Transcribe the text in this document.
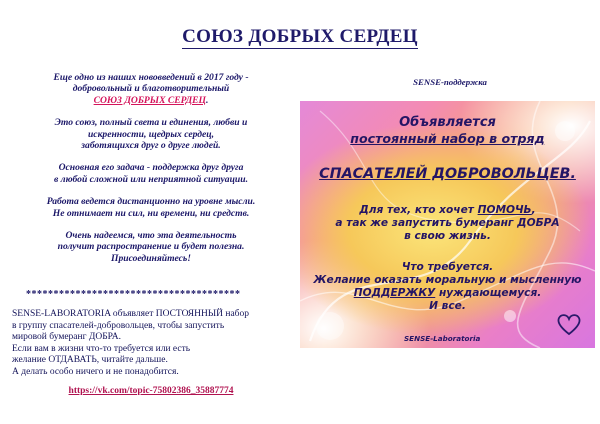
СОЮЗ ДОБРЫХ СЕРДЕЦ

Еще одно из наших нововведений в 2017 году -
добровольный и благотворительный
СОЮЗ ДОБРЫХ СЕРДЕЦ.

Это союз, полный света и единения, любви и
искренности, щедрых сердец,
заботящихся друг о друге людей.

Основная его задача - поддержка друг друга
в любой сложной или неприятной ситуации.

Работа ведется дистанционно на уровне мысли.
Не отнимает ни сил, ни времени, ни средств.

Очень надеемся, что эта деятельность
получит распространение и будет полезна.
Присоединяйтесь!

***************************************
SENSE-LABORATORIA объявляет ПОСТОЯННЫЙ набор
в группу спасателей-добровольцев, чтобы запустить
мировой бумеранг ДОБРА.
Если вам в жизни что-то требуется или есть
желание ОТДАВАТЬ, читайте дальше.
А делать особо ничего и не понадобится.
https://vk.com/topic-75802386_35887774
SENSE-поддержка
Объявляется
постоянный набор в отряд
СПАСАТЕЛЕЙ ДОБРОВОЛЬЦЕВ.
Для тех, кто хочет ПОМОЧЬ,
а так же запустить бумеранг ДОБРА
в свою жизнь.
Что требуется.
Желание оказать моральную и мысленную
ПОДДЕРЖКУ нуждающемуся.
И все.
SENSE-Laboratoria
